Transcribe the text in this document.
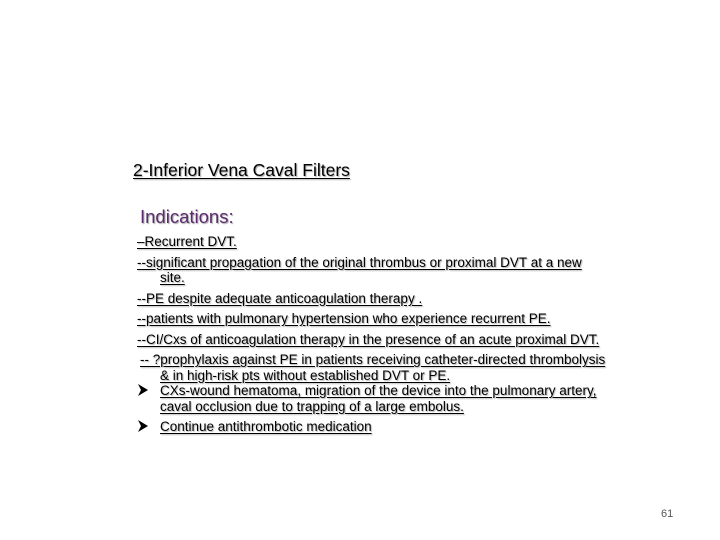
2-Inferior Vena Caval Filters
Indications:
–Recurrent DVT.
--significant propagation of the original thrombus or proximal DVT at a new
site.
--PE despite adequate anticoagulation therapy .
--patients with pulmonary hypertension who experience recurrent PE.
--CI/Cxs of anticoagulation therapy in the presence of an acute proximal DVT.
-- ?prophylaxis against PE in patients receiving catheter-directed thrombolysis
& in high-risk pts without established DVT or PE.
CXs-wound hematoma, migration of the device into the pulmonary artery,
caval occlusion due to trapping of a large embolus.
Continue antithrombotic medication
61
